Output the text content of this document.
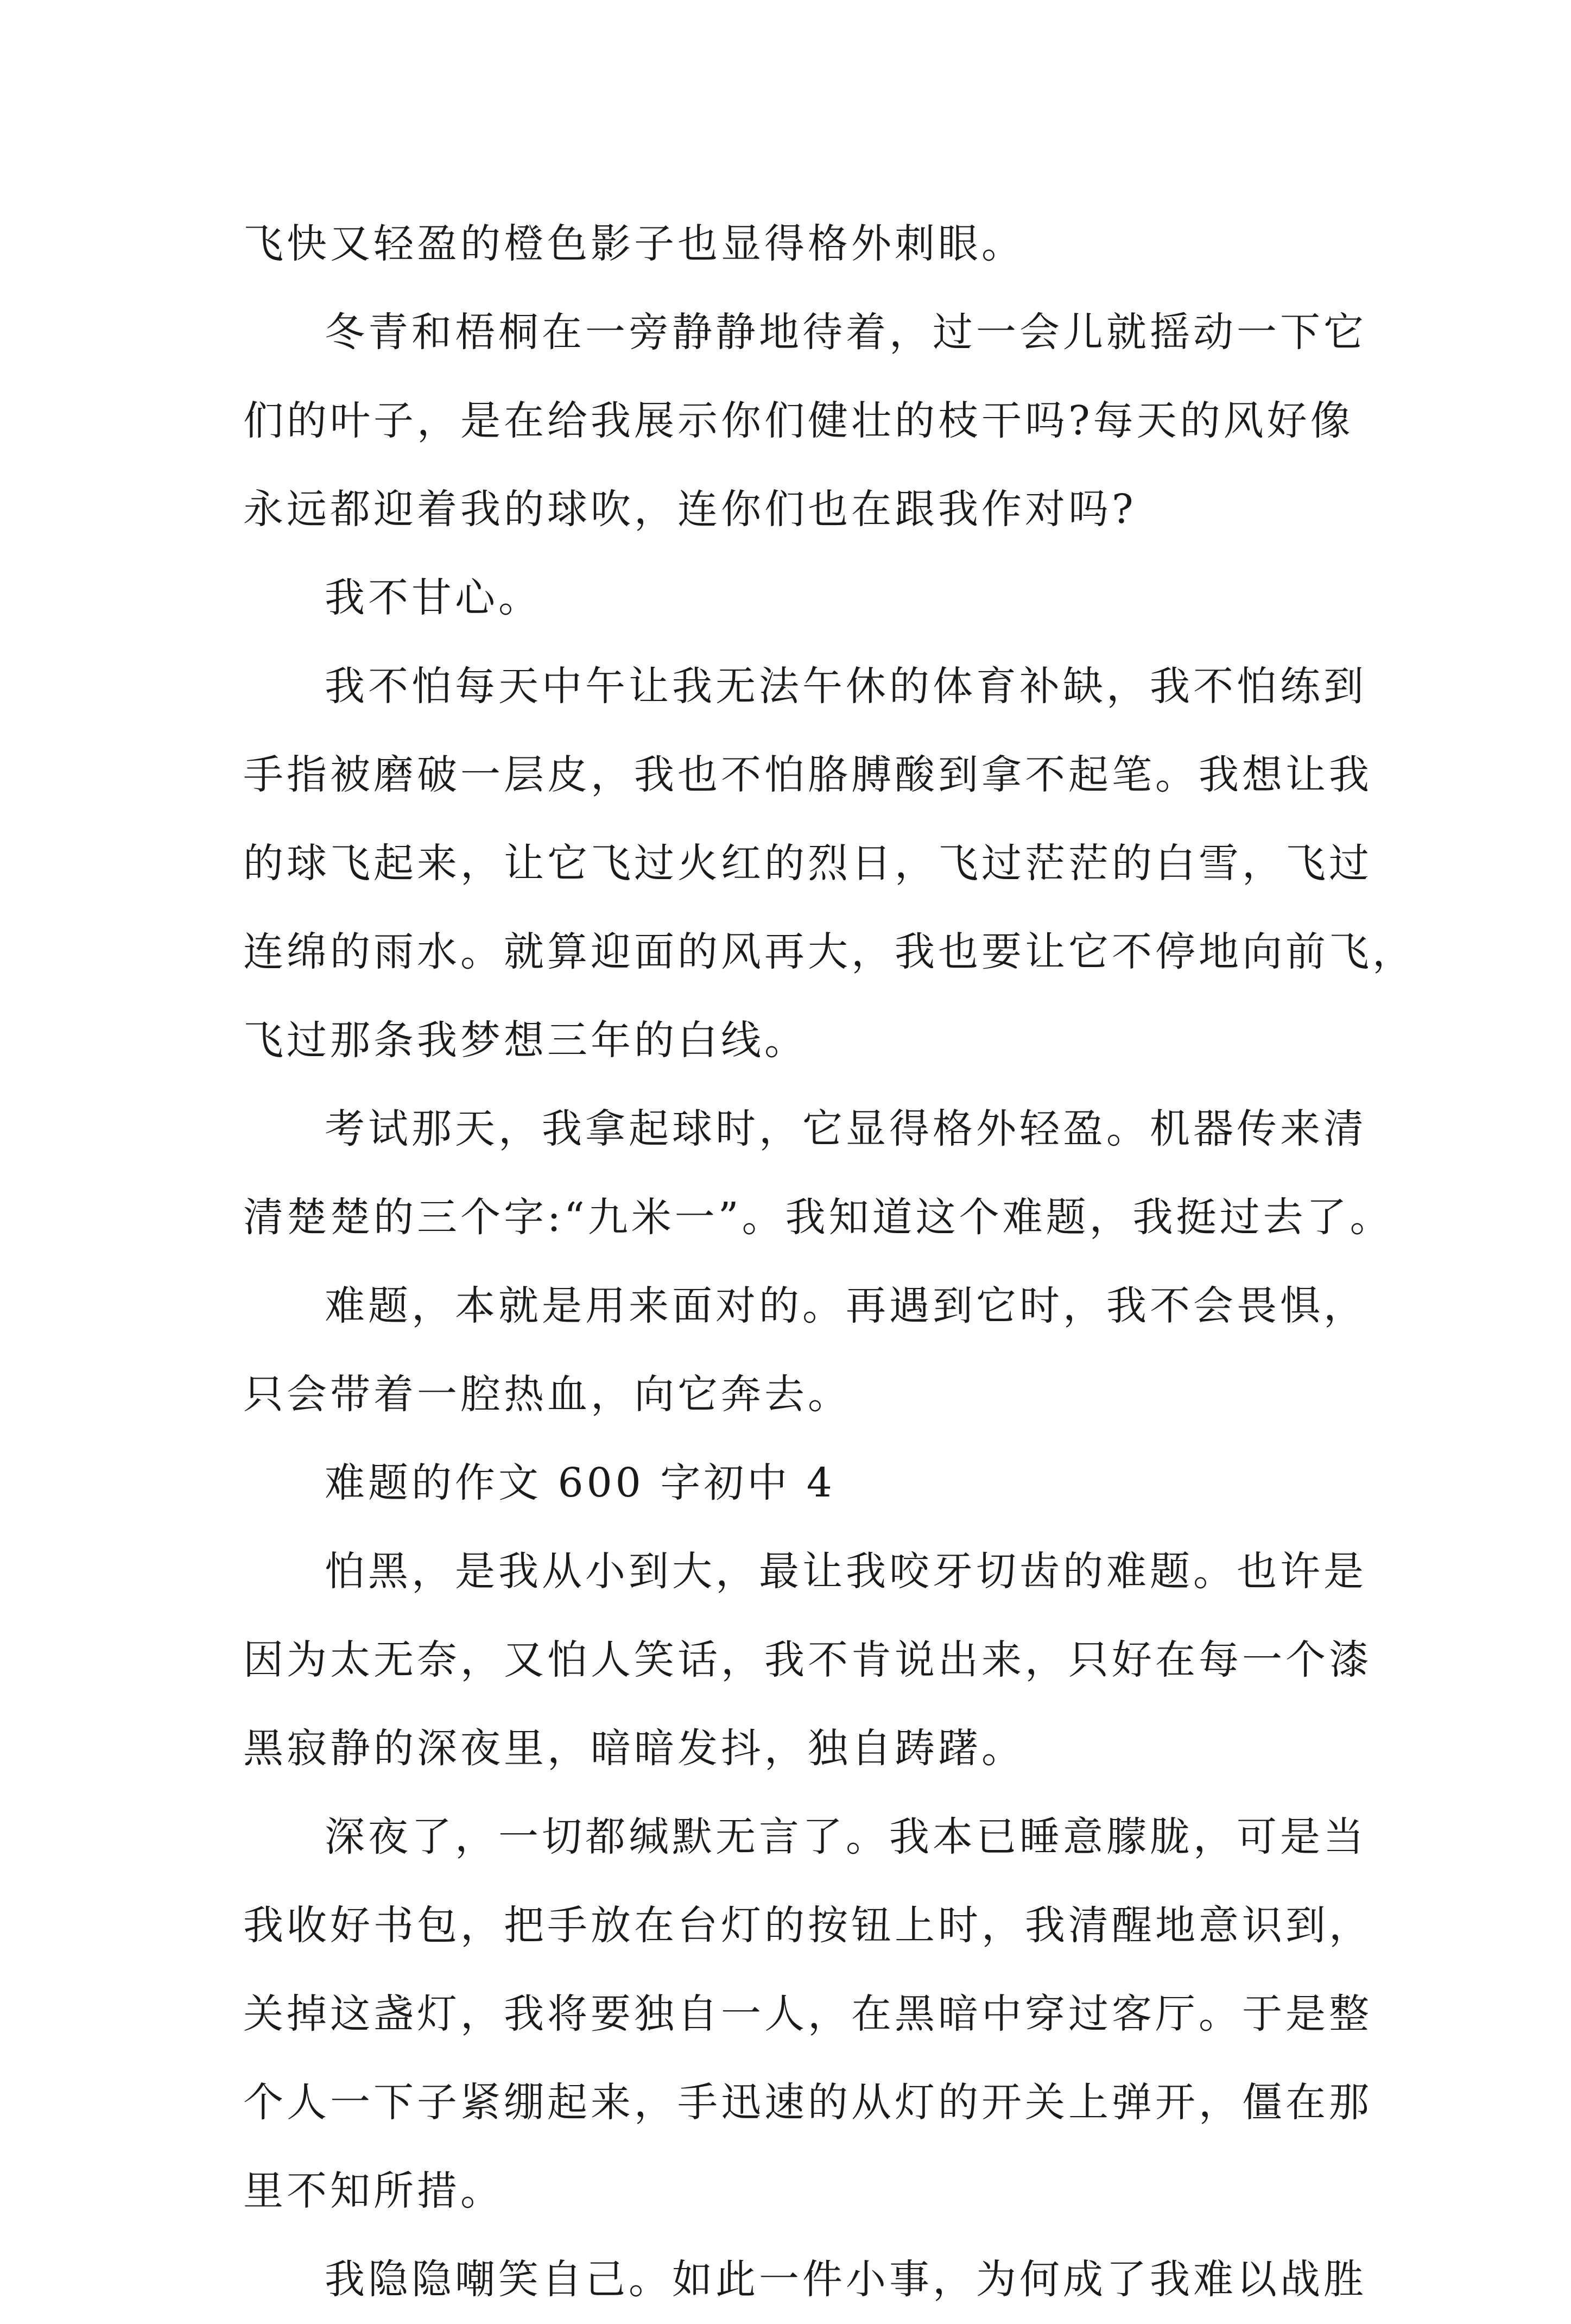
飞快又轻盈的橙色影子也显得格外刺眼。
冬青和梧桐在一旁静静地待着，过一会儿就摇动一下它
们的叶子，是在给我展示你们健壮的枝干吗?每天的风好像
永远都迎着我的球吹，连你们也在跟我作对吗?
我不甘心。
我不怕每天中午让我无法午休的体育补缺，我不怕练到
手指被磨破一层皮，我也不怕胳膊酸到拿不起笔。我想让我
的球飞起来，让它飞过火红的烈日，飞过茫茫的白雪，飞过
连绵的雨水。就算迎面的风再大，我也要让它不停地向前飞，
飞过那条我梦想三年的白线。
考试那天，我拿起球时，它显得格外轻盈。机器传来清
清楚楚的三个字:“九米一”。我知道这个难题，我挺过去了。
难题，本就是用来面对的。再遇到它时，我不会畏惧，
只会带着一腔热血，向它奔去。
难题的作文 600 字初中 4
怕黑，是我从小到大，最让我咬牙切齿的难题。也许是
因为太无奈，又怕人笑话，我不肯说出来，只好在每一个漆
黑寂静的深夜里，暗暗发抖，独自踌躇。
深夜了，一切都缄默无言了。我本已睡意朦胧，可是当
我收好书包，把手放在台灯的按钮上时，我清醒地意识到，
关掉这盏灯，我将要独自一人，在黑暗中穿过客厅。于是整
个人一下子紧绷起来，手迅速的从灯的开关上弹开，僵在那
里不知所措。
我隐隐嘲笑自己。如此一件小事，为何成了我难以战胜
